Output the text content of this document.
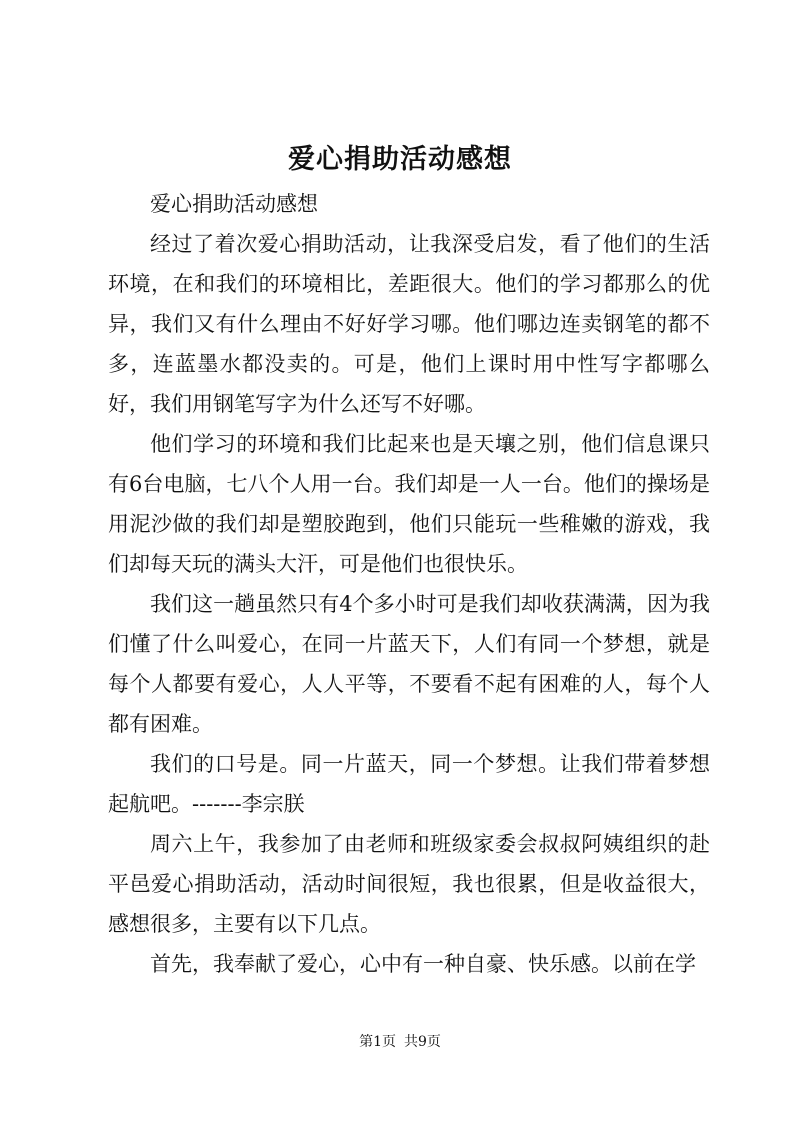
爱心捐助活动感想

爱心捐助活动感想

经过了着次爱心捐助活动，让我深受启发，看了他们的生活环境，在和我们的环境相比，差距很大。他们的学习都那么的优异，我们又有什么理由不好好学习哪。他们哪边连卖钢笔的都不多，连蓝墨水都没卖的。可是，他们上课时用中性写字都哪么好，我们用钢笔写字为什么还写不好哪。

他们学习的环境和我们比起来也是天壤之别，他们信息课只有6台电脑，七八个人用一台。我们却是一人一台。他们的操场是用泥沙做的我们却是塑胶跑到，他们只能玩一些稚嫩的游戏，我们却每天玩的满头大汗，可是他们也很快乐。

我们这一趟虽然只有4个多小时可是我们却收获满满，因为我们懂了什么叫爱心，在同一片蓝天下，人们有同一个梦想，就是每个人都要有爱心，人人平等，不要看不起有困难的人，每个人都有困难。

我们的口号是。同一片蓝天，同一个梦想。让我们带着梦想起航吧。-------李宗朕

周六上午，我参加了由老师和班级家委会叔叔阿姨组织的赴平邑爱心捐助活动，活动时间很短，我也很累，但是收益很大，感想很多，主要有以下几点。

首先，我奉献了爱心，心中有一种自豪、快乐感。以前在学

第1页 共9页
